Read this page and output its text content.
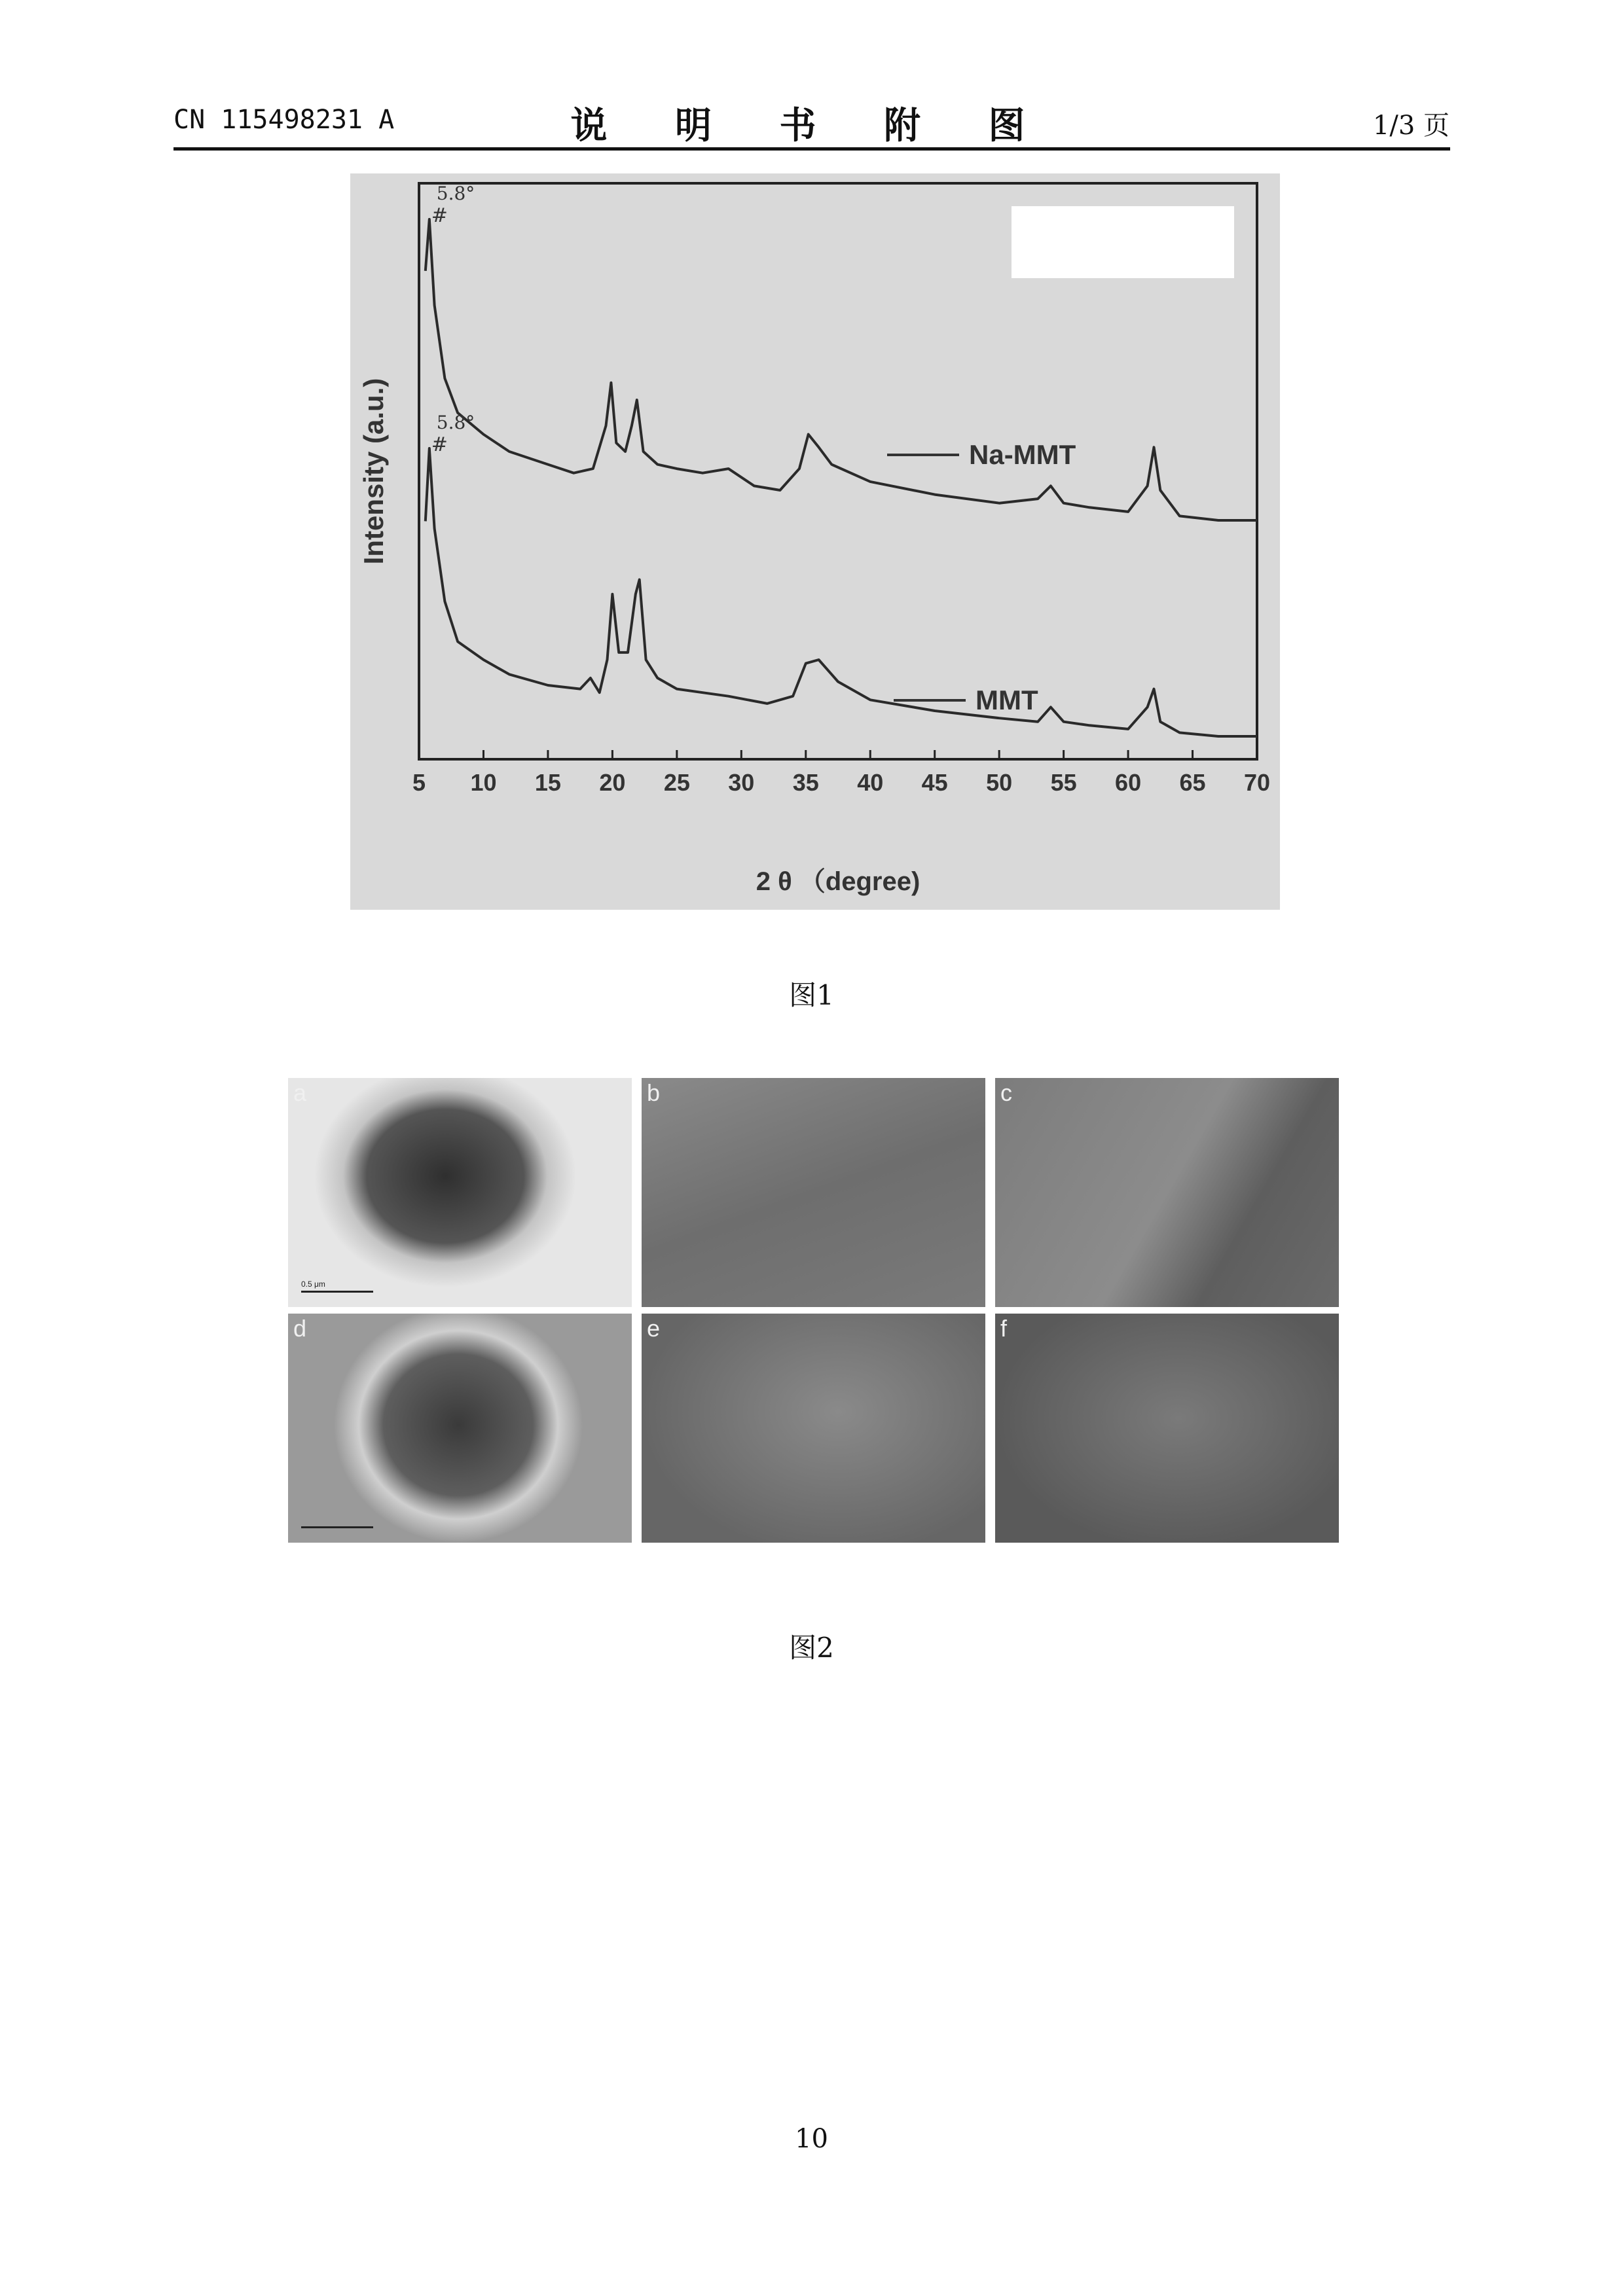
CN 115498231 A	说 明 书 附 图	1/3 页
5 10 15 20 25 30 35 40 45 50 55 60 65 70
Na-MMT
MMT
#
5.8°
#
5.8°
Intensity (a.u.)
2 θ （degree)
图1
a
0.5 μm
b	c
d	e	f
图2
10
